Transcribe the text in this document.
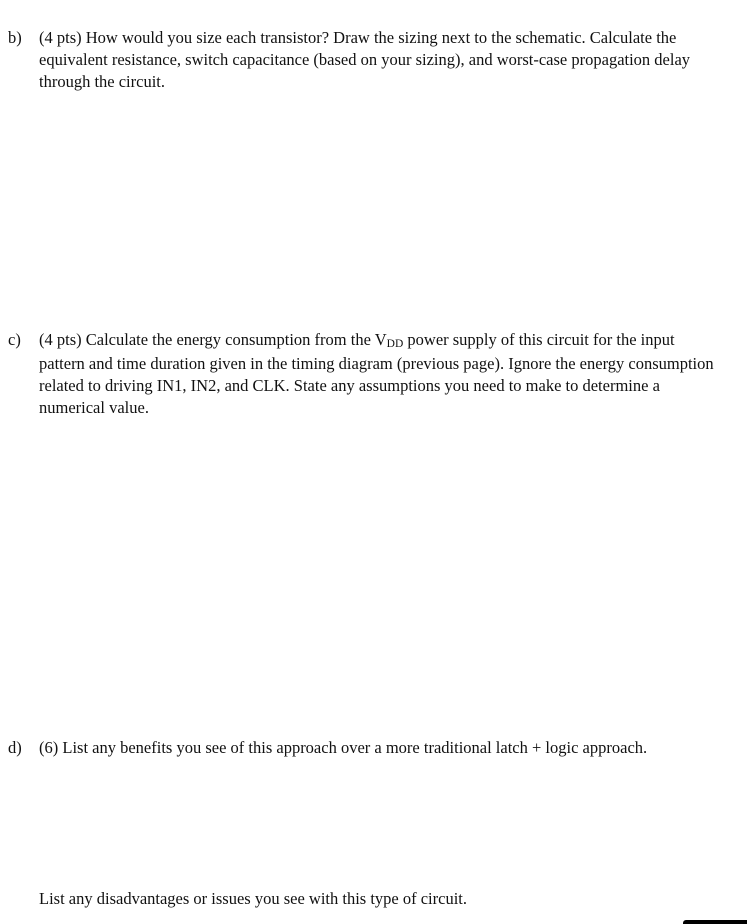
b) (4 pts) How would you size each transistor? Draw the sizing next to the schematic. Calculate the equivalent resistance, switch capacitance (based on your sizing), and worst-case propagation delay through the circuit.
c) (4 pts) Calculate the energy consumption from the VDD power supply of this circuit for the input pattern and time duration given in the timing diagram (previous page). Ignore the energy consumption related to driving IN1, IN2, and CLK. State any assumptions you need to make to determine a numerical value.
d) (6) List any benefits you see of this approach over a more traditional latch + logic approach.
List any disadvantages or issues you see with this type of circuit.
